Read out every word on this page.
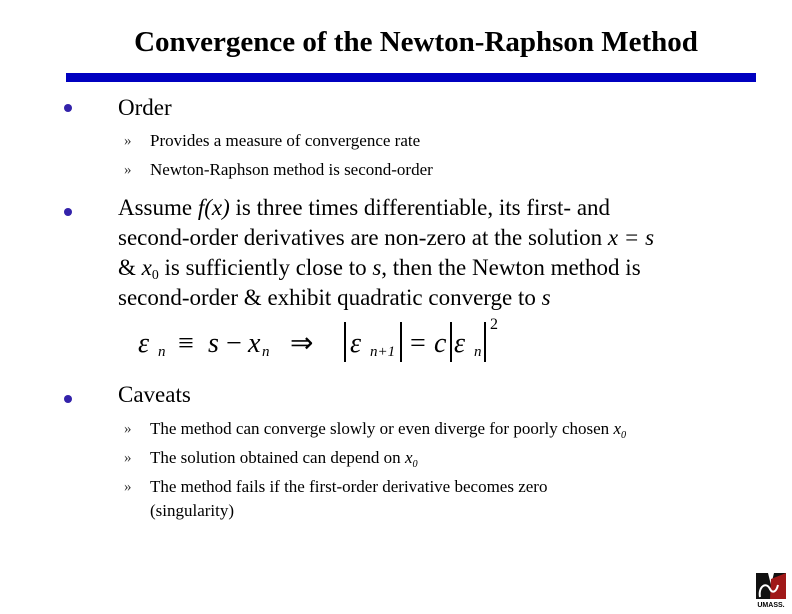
Convergence of the Newton-Raphson Method
Order
» Provides a measure of convergence rate
» Newton-Raphson method is second-order
Assume f(x) is three times differentiable, its first- and
second-order derivatives are non-zero at the solution x = s
& $x_0$ is sufficiently close to s, then the Newton method is
second-order & exhibit quadratic converge to s
ε n ≡ s − x n ⇒ ε n+1 = c ε n
2
Caveats
» The method can converge slowly or even diverge for poorly chosen $x_0$
» The solution obtained can depend on $x_0$
» The method fails if the first-order derivative becomes zero
(singularity)
UMASS.
